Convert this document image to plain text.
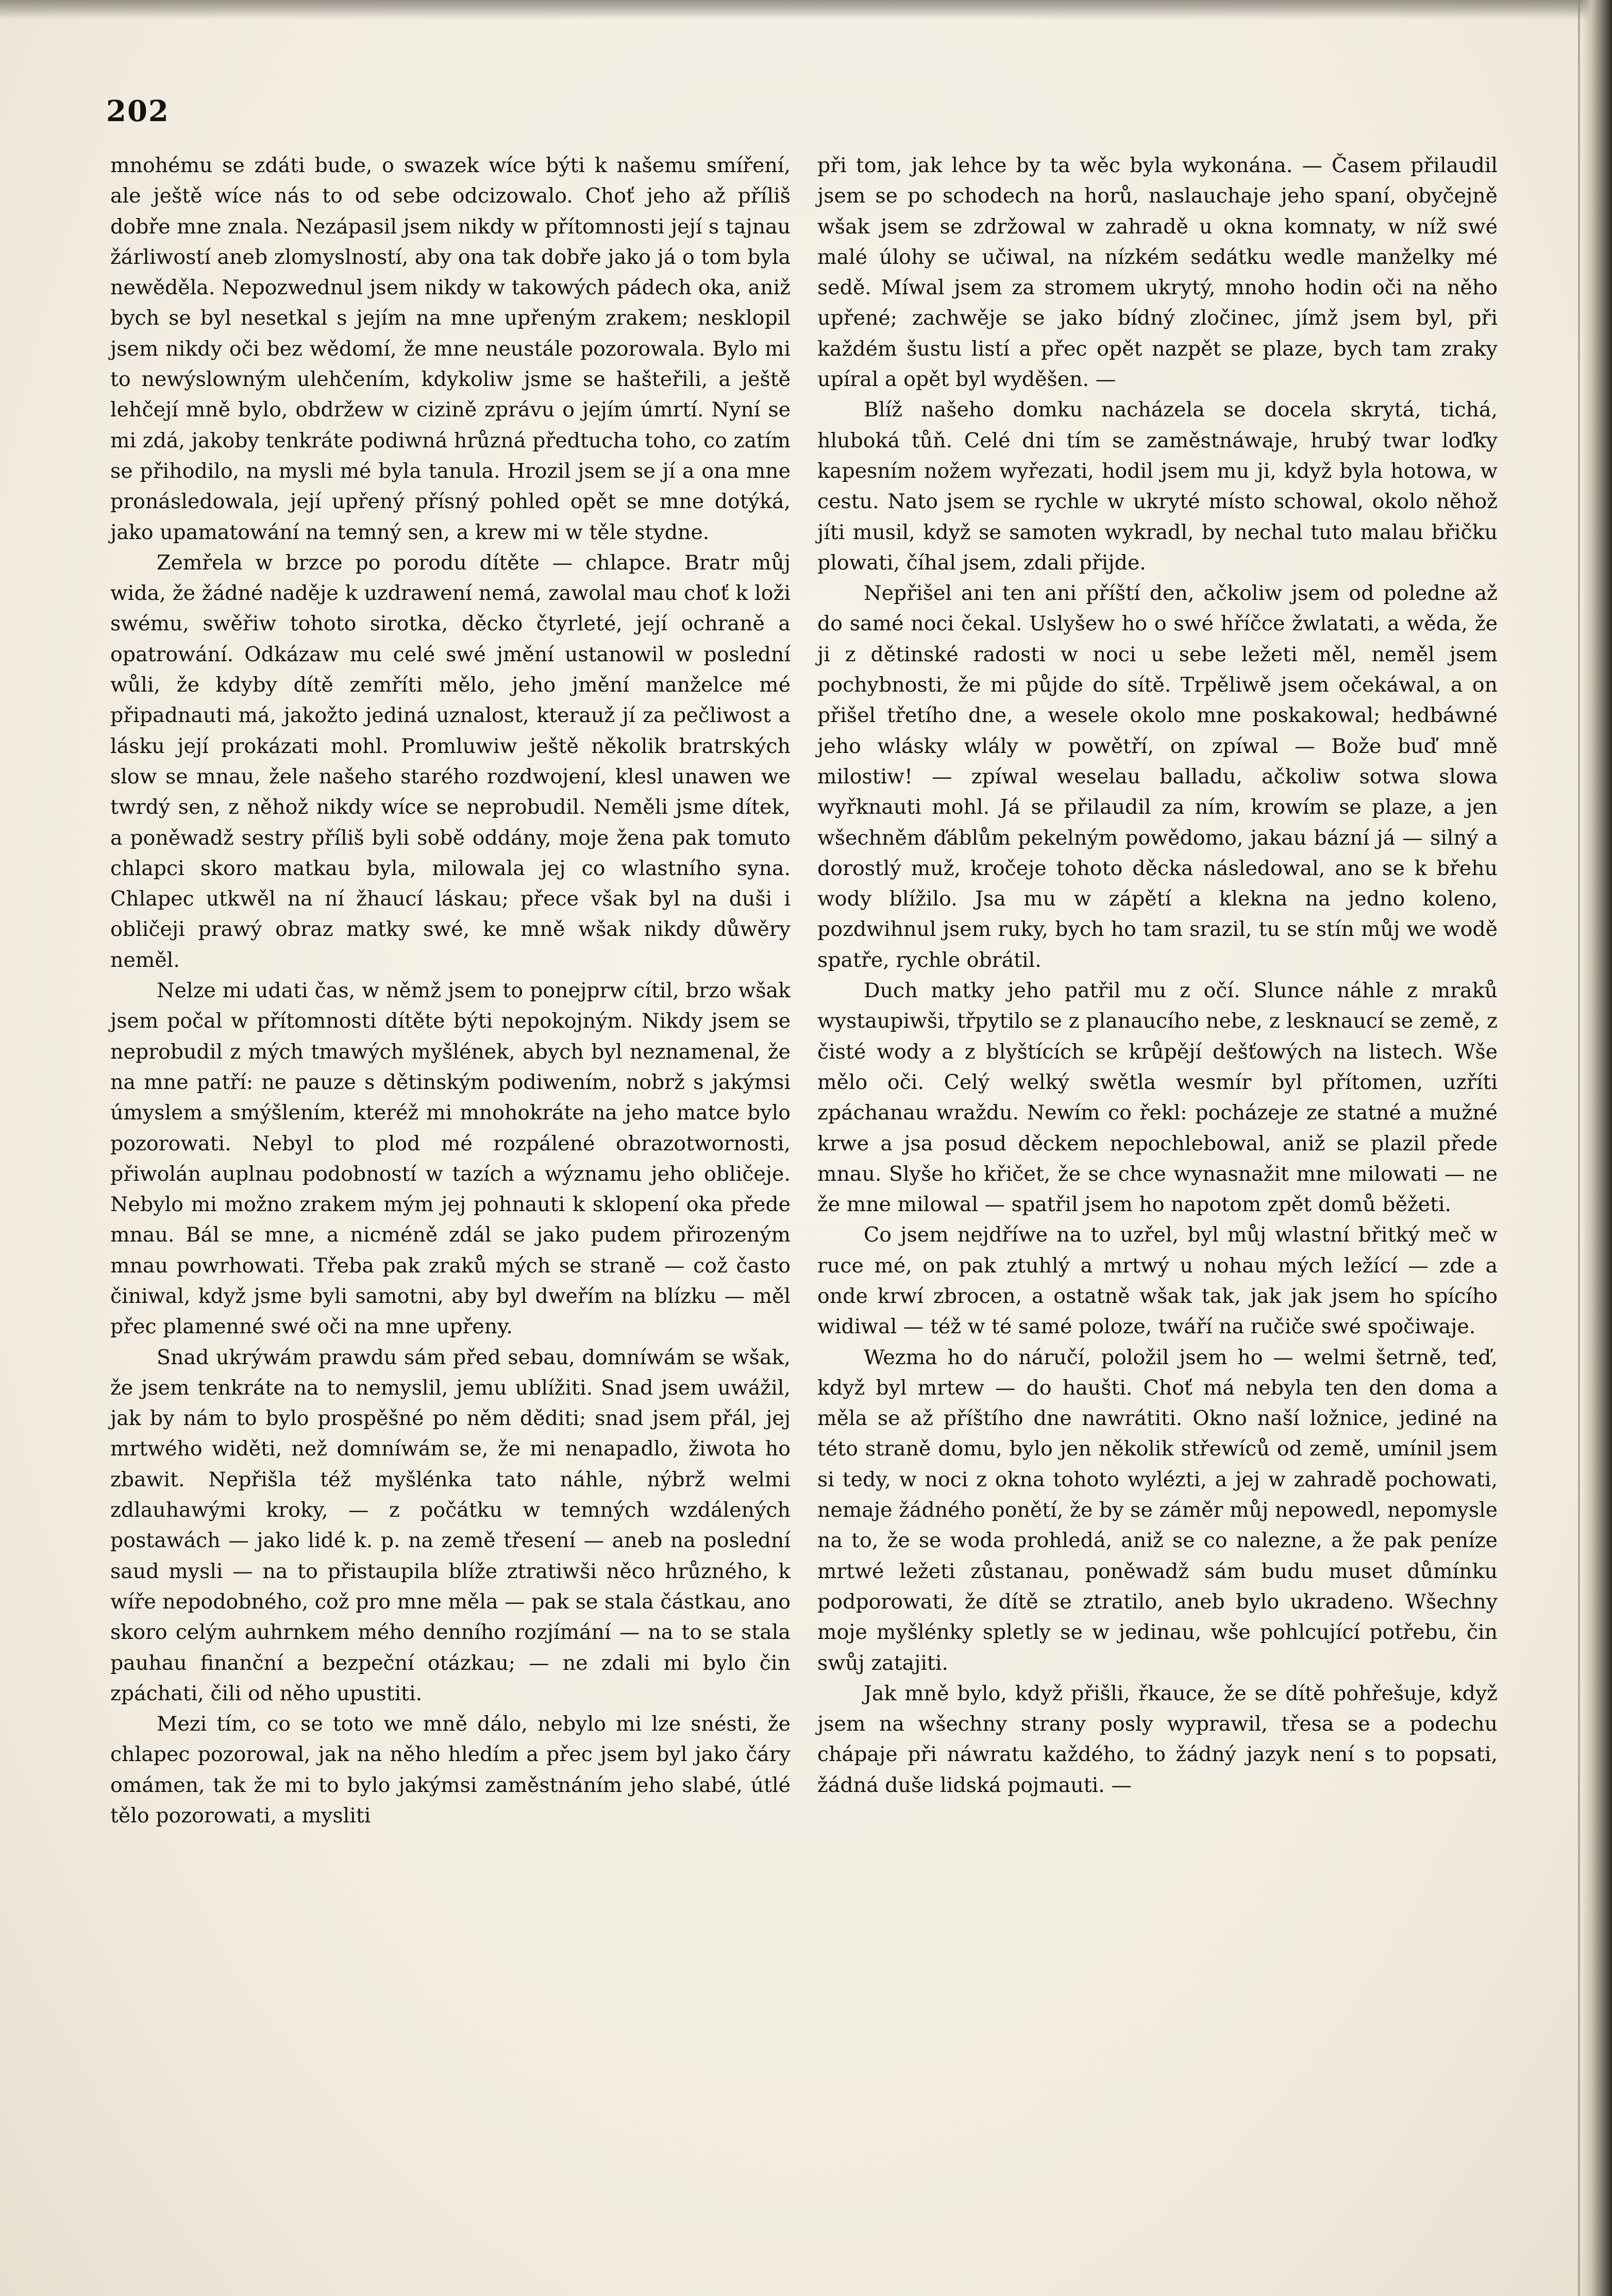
202

mnohému se zdáti bude, o swazek wíce býti k našemu smíření, ale ještě wíce nás to od sebe odcizowalo. Choť jeho až příliš dobře mne znala. Nezápasil jsem nikdy w přítomnosti její s tajnau žárliwostí aneb zlomyslností, aby ona tak dobře jako já o tom byla newěděla. Nepozwednul jsem nikdy w takowých pádech oka, aniž bych se byl nesetkal s jejím na mne upřeným zrakem; nesklopil jsem nikdy oči bez wědomí, že mne neustále pozorowala. Bylo mi to newýslowným ulehčením, kdykoliw jsme se hašteřili, a ještě lehčejí mně bylo, obdržew w cizině zprávu o jejím úmrtí. Nyní se mi zdá, jakoby tenkráte podiwná hrůzná předtucha toho, co zatím se přihodilo, na mysli mé byla tanula. Hrozil jsem se jí a ona mne pronásledowala, její upřený přísný pohled opět se mne dotýká, jako upamatowání na temný sen, a krew mi w těle stydne.

Zemřela w brzce po porodu dítěte — chlapce. Bratr můj wida, že žádné naděje k uzdrawení nemá, zawolal mau choť k loži swému, swěřiw tohoto sirotka, děcko čtyrleté, její ochraně a opatrowání. Odkázaw mu celé swé jmění ustanowil w poslední wůli, že kdyby dítě zemříti mělo, jeho jmění manželce mé připadnauti má, jakožto jediná uznalost, kterauž jí za pečliwost a lásku její prokázati mohl. Promluwiw ještě několik bratrských slow se mnau, žele našeho starého rozdwojení, klesl unawen we twrdý sen, z něhož nikdy wíce se neprobudil. Neměli jsme dítek, a poněwadž sestry příliš byli sobě oddány, moje žena pak tomuto chlapci skoro matkau byla, milowala jej co wlastního syna. Chlapec utkwěl na ní žhaucí láskau; přece však byl na duši i obličeji prawý obraz matky swé, ke mně wšak nikdy důwěry neměl.

Nelze mi udati čas, w němž jsem to ponejprw cítil, brzo wšak jsem počal w přítomnosti dítěte býti nepokojným. Nikdy jsem se neprobudil z mých tmawých myšlének, abych byl neznamenal, že na mne patří: ne pauze s dětinským podiwením, nobrž s jakýmsi úmyslem a smýšlením, kteréž mi mnohokráte na jeho matce bylo pozorowati. Nebyl to plod mé rozpálené obrazotwornosti, přiwolán auplnau podobností w tazích a wýznamu jeho obličeje. Nebylo mi možno zrakem mým jej pohnauti k sklopení oka přede mnau. Bál se mne, a nicméně zdál se jako pudem přirozeným mnau powrhowati. Třeba pak zraků mých se straně — což často činiwal, když jsme byli samotni, aby byl dweřím na blízku — měl přec plamenné swé oči na mne upřeny.

Snad ukrýwám prawdu sám před sebau, domníwám se wšak, že jsem tenkráte na to nemyslil, jemu ublížiti. Snad jsem uwážil, jak by nám to bylo prospěšné po něm děditi; snad jsem přál, jej mrtwého widěti, než domníwám se, že mi nenapadlo, žiwota ho zbawit. Nepřišla též myšlénka tato náhle, nýbrž welmi zdlauhawými kroky, — z počátku w temných wzdálených postawách — jako lidé k. p. na země třesení — aneb na poslední saud mysli — na to přistaupila blíže ztratiwši něco hrůzného, k wíře nepodobného, což pro mne měla — pak se stala částkau, ano skoro celým auhrnkem mého denního rozjímání — na to se stala pauhau finanční a bezpeční otázkau; — ne zdali mi bylo čin zpáchati, čili od něho upustiti.

Mezi tím, co se toto we mně dálo, nebylo mi lze snésti, že chlapec pozorowal, jak na něho hledím a přec jsem byl jako čáry omámen, tak že mi to bylo jakýmsi zaměstnáním jeho slabé, útlé tělo pozorowati, a mysliti

při tom, jak lehce by ta wěc byla wykonána. — Časem přilaudil jsem se po schodech na horů, naslauchaje jeho spaní, obyčejně wšak jsem se zdržowal w zahradě u okna komnaty, w níž swé malé úlohy se učiwal, na nízkém sedátku wedle manželky mé sedě. Míwal jsem za stromem ukrytý, mnoho hodin oči na něho upřené; zachwěje se jako bídný zločinec, jímž jsem byl, při každém šustu listí a přec opět nazpět se plaze, bych tam zraky upíral a opět byl wyděšen. —

Blíž našeho domku nacházela se docela skrytá, tichá, hluboká tůň. Celé dni tím se zaměstnáwaje, hrubý twar loďky kapesním nožem wyřezati, hodil jsem mu ji, když byla hotowa, w cestu. Nato jsem se rychle w ukryté místo schowal, okolo něhož jíti musil, když se samoten wykradl, by nechal tuto malau břičku plowati, číhal jsem, zdali přijde.

Nepřišel ani ten ani příští den, ačkoliw jsem od poledne až do samé noci čekal. Uslyšew ho o swé hříčce žwlatati, a wěda, že ji z dětinské radosti w noci u sebe ležeti měl, neměl jsem pochybnosti, že mi půjde do sítě. Trpěliwě jsem očekáwal, a on přišel třetího dne, a wesele okolo mne poskakowal; hedbáwné jeho wlásky wlály w powětří, on zpíwal — Bože buď mně milostiw! — zpíwal weselau balladu, ačkoliw sotwa slowa wyřknauti mohl. Já se přilaudil za ním, krowím se plaze, a jen wšechněm ďáblům pekelným powědomo, jakau bázní já — silný a dorostlý muž, kročeje tohoto děcka následowal, ano se k břehu wody blížilo. Jsa mu w zápětí a klekna na jedno koleno, pozdwihnul jsem ruky, bych ho tam srazil, tu se stín můj we wodě spatře, rychle obrátil.

Duch matky jeho patřil mu z očí. Slunce náhle z mraků wystaupiwši, třpytilo se z planaucího nebe, z lesknaucí se země, z čisté wody a z blyštících se krůpějí dešťowých na listech. Wše mělo oči. Celý welký swětla wesmír byl přítomen, uzříti zpáchanau wraždu. Newím co řekl: pocházeje ze statné a mužné krwe a jsa posud děckem nepochlebowal, aniž se plazil přede mnau. Slyše ho křičet, že se chce wynasnažit mne milowati — ne že mne milowal — spatřil jsem ho napotom zpět domů běžeti.

Co jsem nejdříwe na to uzřel, byl můj wlastní břitký meč w ruce mé, on pak ztuhlý a mrtwý u nohau mých ležící — zde a onde krwí zbrocen, a ostatně wšak tak, jak jak jsem ho spícího widiwal — též w té samé poloze, twáří na ručiče swé spočiwaje.

Wezma ho do náručí, položil jsem ho — welmi šetrně, teď, když byl mrtew — do haušti. Choť má nebyla ten den doma a měla se až příštího dne nawrátiti. Okno naší ložnice, jediné na této straně domu, bylo jen několik střewíců od země, umínil jsem si tedy, w noci z okna tohoto wylézti, a jej w zahradě pochowati, nemaje žádného ponětí, že by se záměr můj nepowedl, nepomysle na to, že se woda prohledá, aniž se co nalezne, a že pak peníze mrtwé ležeti zůstanau, poněwadž sám budu muset důmínku podporowati, že dítě se ztratilo, aneb bylo ukradeno. Wšechny moje myšlénky spletly se w jedinau, wše pohlcující potřebu, čin swůj zatajiti.

Jak mně bylo, když přišli, řkauce, že se dítě pohřešuje, když jsem na wšechny strany posly wyprawil, třesa se a podechu chápaje při náwratu každého, to žádný jazyk není s to popsati, žádná duše lidská pojmauti. —
